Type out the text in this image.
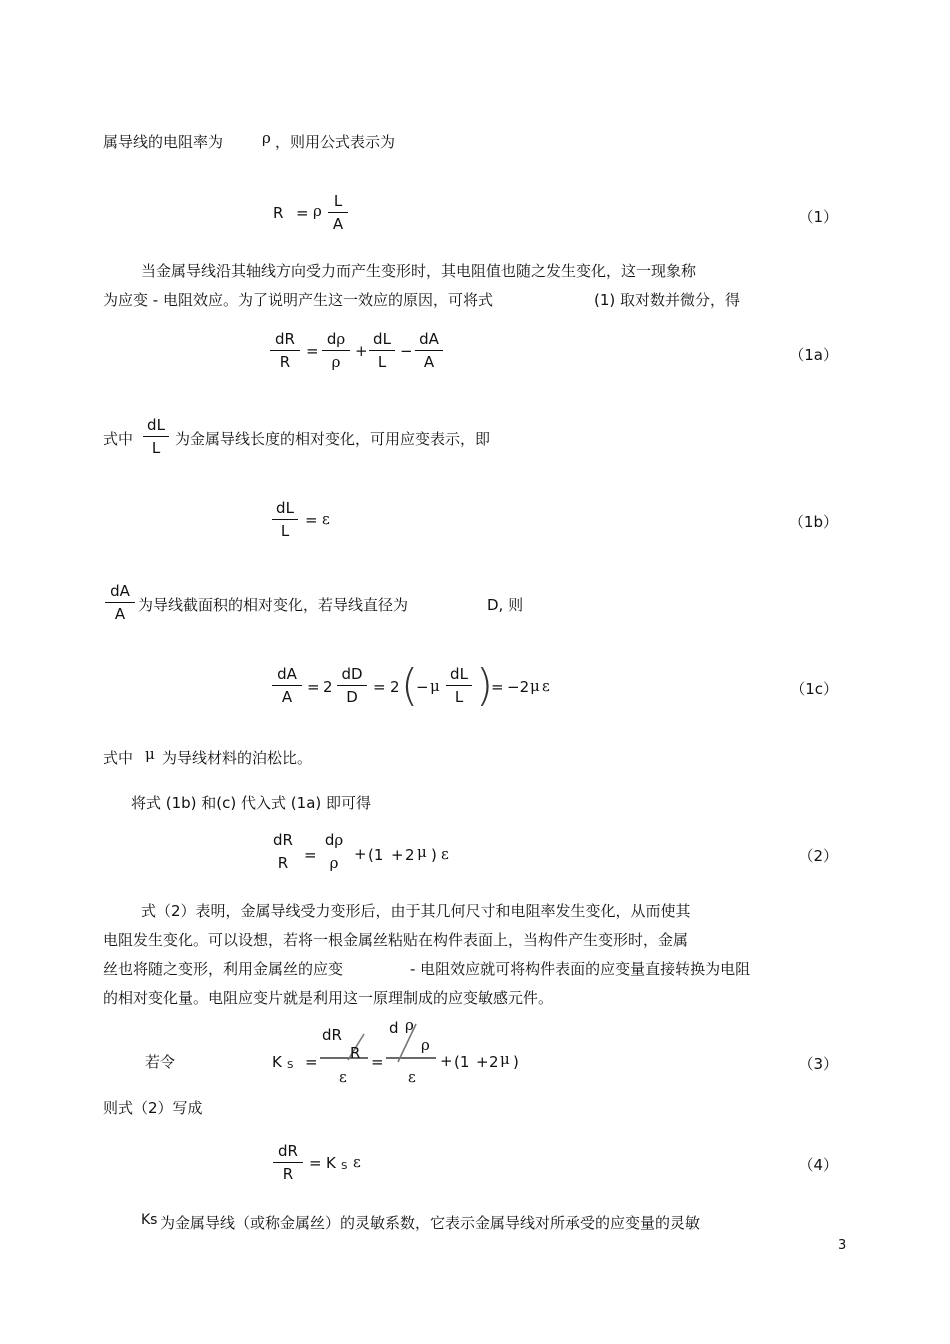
属导线的电阻率为	ρ ，则用公式表示为
R = ρ
L
A	（1）
当金属导线沿其轴线方向受力而产生变形时，其电阻值也随之发生变化，这一现象称
为应变 - 电阻效应。为了说明产生这一效应的原因，可将式	(1) 取对数并微分，得
dR
R
=
dρ
ρ
+
dL
L
−
dA
A	（1a）
式中
dL
L 为金属导线长度的相对变化，可用应变表示，即
dL
L
= ε	（1b）
dA
A 为导线截面积的相对变化，若导线直径为	D, 则
dA
A
= 2
dD
D
= 2 (
− μ
dL
L )
= −2 μ ε	（1c）
式中 μ 为导线材料的泊松比。
将式 (1b) 和(c) 代入式 (1a) 即可得
dR
R	=
dρ
ρ	+ (1 + 2 μ ) ε	（2）
式（2）表明，金属导线受力变形后，由于其几何尺寸和电阻率发生变化，从而使其
电阻发生变化。可以设想，若将一根金属丝粘贴在构件表面上，当构件产生变形时，金属
丝也将随之变形，利用金属丝的应变	- 电阻效应就可将构件表面的应变量直接转换为电阻
的相对变化量。电阻应变片就是利用这一原理制成的应变敏感元件。
若令	K S =
dR
R
ε
=
d ρ
ρ
ε
+ (1 + 2 μ )	（3）
则式（2）写成
dR
R
= K S ε	（4）
Ks 为金属导线（或称金属丝）的灵敏系数，它表示金属导线对所承受的应变量的灵敏
3
